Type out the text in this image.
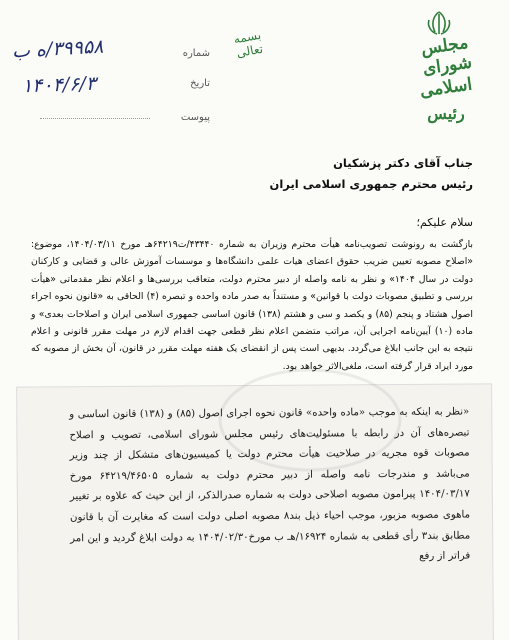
مجلس شورای
اسلامی
رئیس
بسمه تعالی
شماره
تاریخ
پیوست
۳۹۹۵۸/ه ب
۱۴۰۴/۶/۳
جناب آقای دکتر پزشکیان
رئیس محترم جمهوری اسلامی ایران
سلام علیکم؛
بازگشت به رونوشت تصویب‌نامه هیأت محترم وزیران به شماره ۴۳۴۴۰/ت۶۴۲۱۹هـ مورخ ۱۴۰۴/۰۳/۱۱، موضوع: «اصلاح مصوبه تعیین ضریب حقوق اعضای هیات علمی دانشگاه‌ها و موسسات آموزش عالی و قضایی و کارکنان دولت در سال ۱۴۰۴» و نظر به نامه واصله از دبیر محترم دولت، متعاقب بررسی‌ها و اعلام نظر مقدماتی «هیأت بررسی و تطبیق مصوبات دولت با قوانین» و مستنداً به صدر ماده واحده و تبصره (۴) الحاقی به «قانون نحوه اجراء اصول هشتاد و پنجم (۸۵) و یکصد و سی و هشتم (۱۳۸) قانون اساسی جمهوری اسلامی ایران و اصلاحات بعدی» و ماده (۱۰) آیین‌نامه اجرایی آن، مراتب متضمن اعلام نظر قطعی جهت اقدام لازم در مهلت مقرر قانونی و اعلام نتیجه به این جانب ابلاغ می‌گردد. بدیهی است پس از انقضای یک هفته مهلت مقرر در قانون، آن بخش از مصوبه که مورد ایراد قرار گرفته است، ملغی‌الاثر خواهد بود.
«نظر به اینکه به موجب «ماده واحده» قانون نحوه اجرای اصول (۸۵) و (۱۳۸) قانون اساسی و تبصره‌های آن در رابطه با مسئولیت‌های رئیس مجلس شورای اسلامی، تصویب و اصلاح مصوبات قوه مجریه در صلاحیت هیأت محترم دولت یا کمیسیون‌های متشکل از چند وزیر می‌باشد و مندرجات نامه واصله از دبیر محترم دولت به شماره ۶۴۲۱۹/۴۶۵۰۵ مورخ ۱۴۰۴/۰۳/۱۷ پیرامون مصوبه اصلاحی دولت به شماره صدرالذکر، از این حیث که علاوه بر تغییر ماهوی مصوبه مزبور، موجب احیاء ذیل بند۸ مصوبه اصلی دولت است که مغایرت آن با قانون مطابق بند۳ رأی قطعی به شماره ۱۶۹۲۴/هـ ب مورخ۱۴۰۴/۰۲/۳۰ به دولت ابلاغ گردید و این امر فراتر از رفع
